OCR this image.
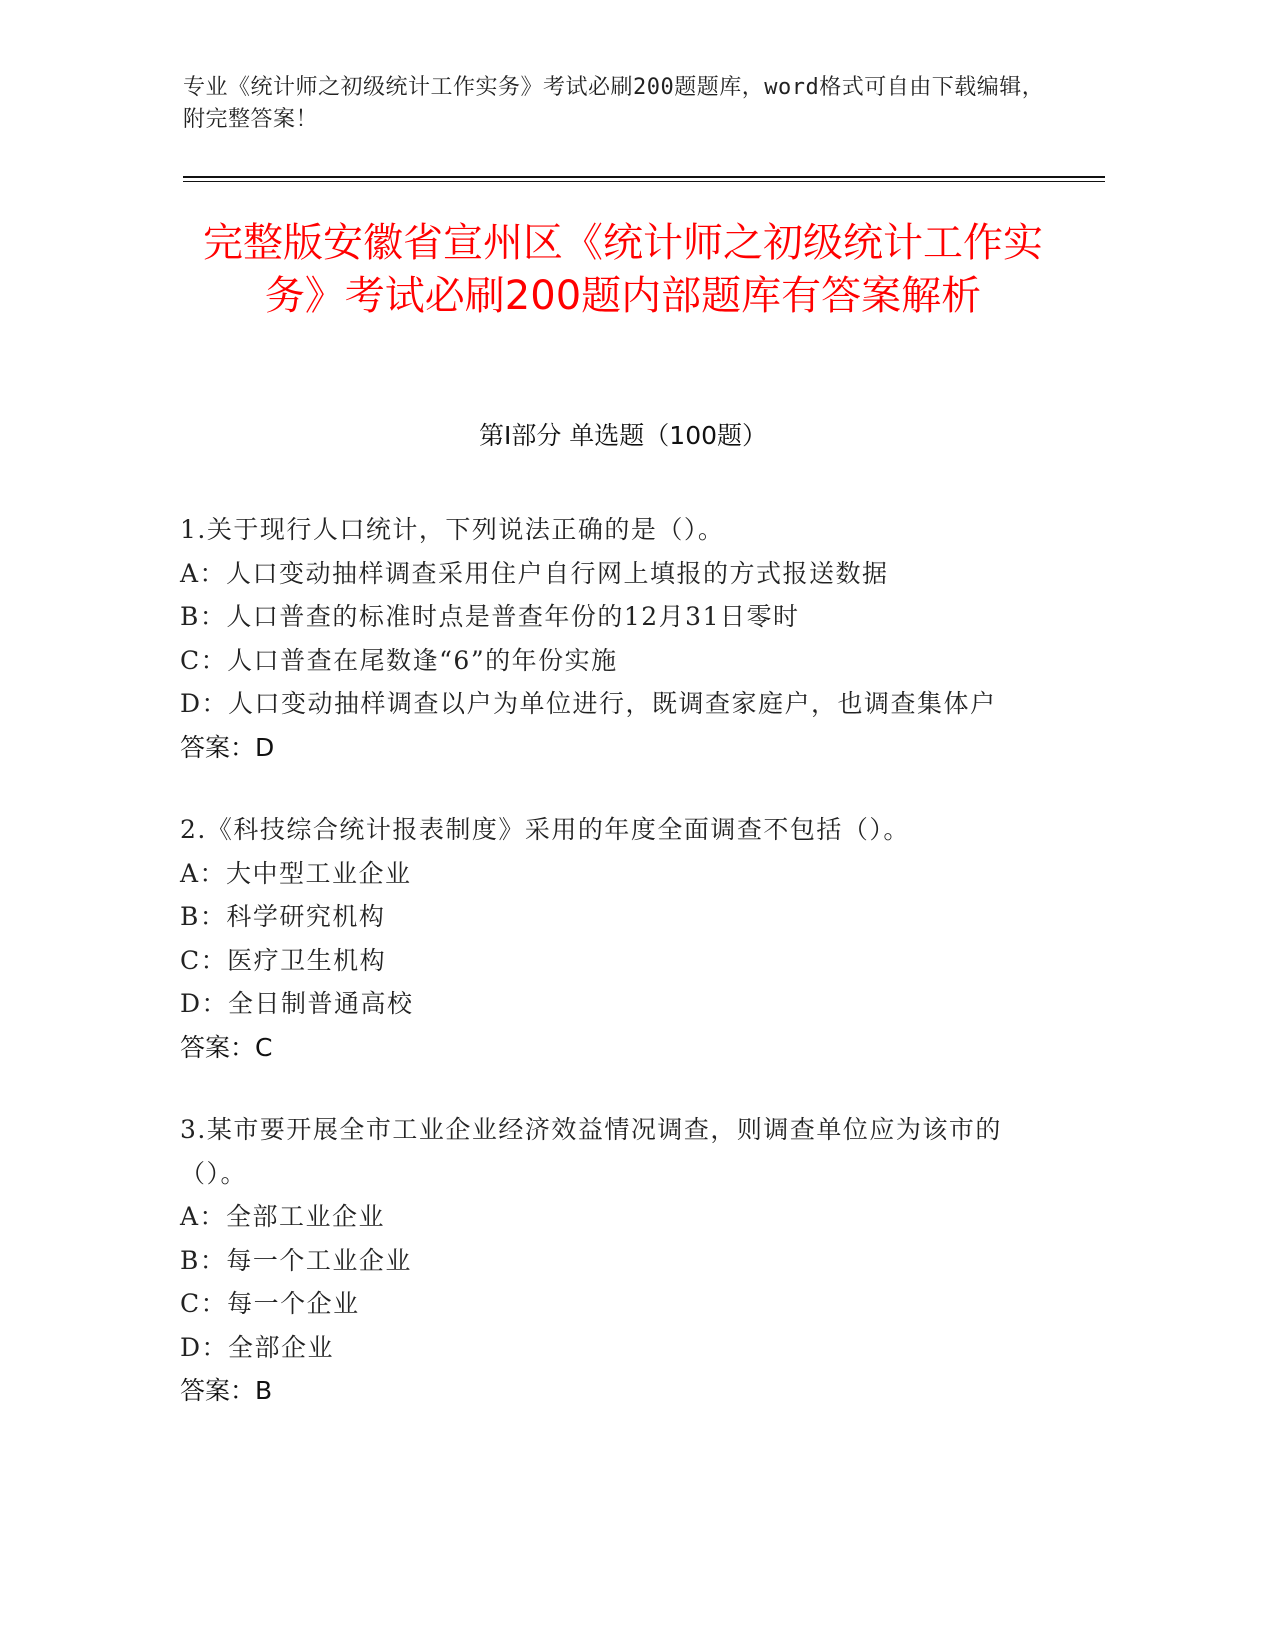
专业《统计师之初级统计工作实务》考试必刷200题题库，word格式可自由下载编辑，附完整答案！
完整版安徽省宣州区《统计师之初级统计工作实务》考试必刷200题内部题库有答案解析
第I部分 单选题（100题）
1.关于现行人口统计，下列说法正确的是（）。
A：人口变动抽样调查采用住户自行网上填报的方式报送数据
B：人口普查的标准时点是普查年份的12月31日零时
C：人口普查在尾数逢“6”的年份实施
D：人口变动抽样调查以户为单位进行，既调查家庭户，也调查集体户
答案：D
2.《科技综合统计报表制度》采用的年度全面调查不包括（）。
A：大中型工业企业
B：科学研究机构
C：医疗卫生机构
D：全日制普通高校
答案：C
3.某市要开展全市工业企业经济效益情况调查，则调查单位应为该市的（）。
A：全部工业企业
B：每一个工业企业
C：每一个企业
D：全部企业
答案：B
